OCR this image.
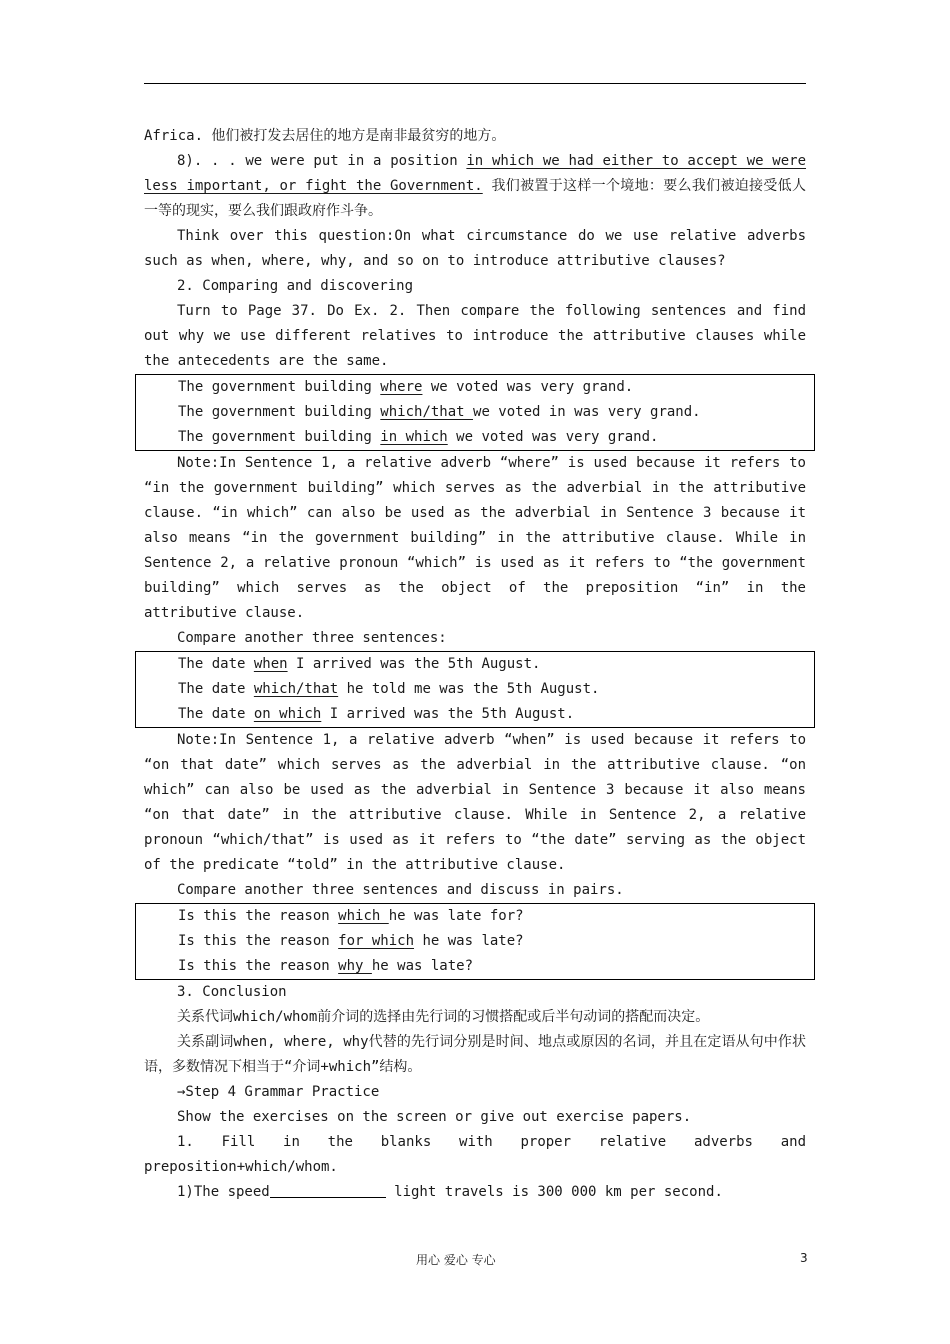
Africa. 他们被打发去居住的地方是南非最贫穷的地方。

8). . . we were put in a position in which we had either to accept we were less important, or fight the Government. 我们被置于这样一个境地：要么我们被迫接受低人一等的现实，要么我们跟政府作斗争。

Think over this question:On what circumstance do we use relative adverbs such as when, where, why, and so on to introduce attributive clauses?

2. Comparing and discovering

Turn to Page 37. Do Ex. 2. Then compare the following sentences and find out why we use different relatives to introduce the attributive clauses while the antecedents are the same.

The government building where we voted was very grand.
The government building which/that we voted in was very grand.
The government building in which we voted was very grand.

Note:In Sentence 1, a relative adverb “where” is used because it refers to “in the government building” which serves as the adverbial in the attributive clause. “in which” can also be used as the adverbial in Sentence 3 because it also means “in the government building” in the attributive clause. While in Sentence 2, a relative pronoun “which” is used as it refers to “the government building” which serves as the object of the preposition “in” in the attributive clause.

Compare another three sentences:

The date when I arrived was the 5th August.
The date which/that he told me was the 5th August.
The date on which I arrived was the 5th August.

Note:In Sentence 1, a relative adverb “when” is used because it refers to “on that date” which serves as the adverbial in the attributive clause. “on which” can also be used as the adverbial in Sentence 3 because it also means “on that date” in the attributive clause. While in Sentence 2, a relative pronoun “which/that” is used as it refers to “the date” serving as the object of the predicate “told” in the attributive clause.

Compare another three sentences and discuss in pairs.

Is this the reason which he was late for?
Is this the reason for which he was late?
Is this the reason why he was late?

3. Conclusion

关系代词which/whom前介词的选择由先行词的习惯搭配或后半句动词的搭配而决定。

关系副词when, where, why代替的先行词分别是时间、地点或原因的名词，并且在定语从句中作状语，多数情况下相当于“介词+which”结构。

→Step 4 Grammar Practice

Show the exercises on the screen or give out exercise papers.

1. Fill in the blanks with proper relative adverbs and preposition+which/whom.

1)The speed	light travels is 300 000 km per second.

用心 爱心 专心	3
